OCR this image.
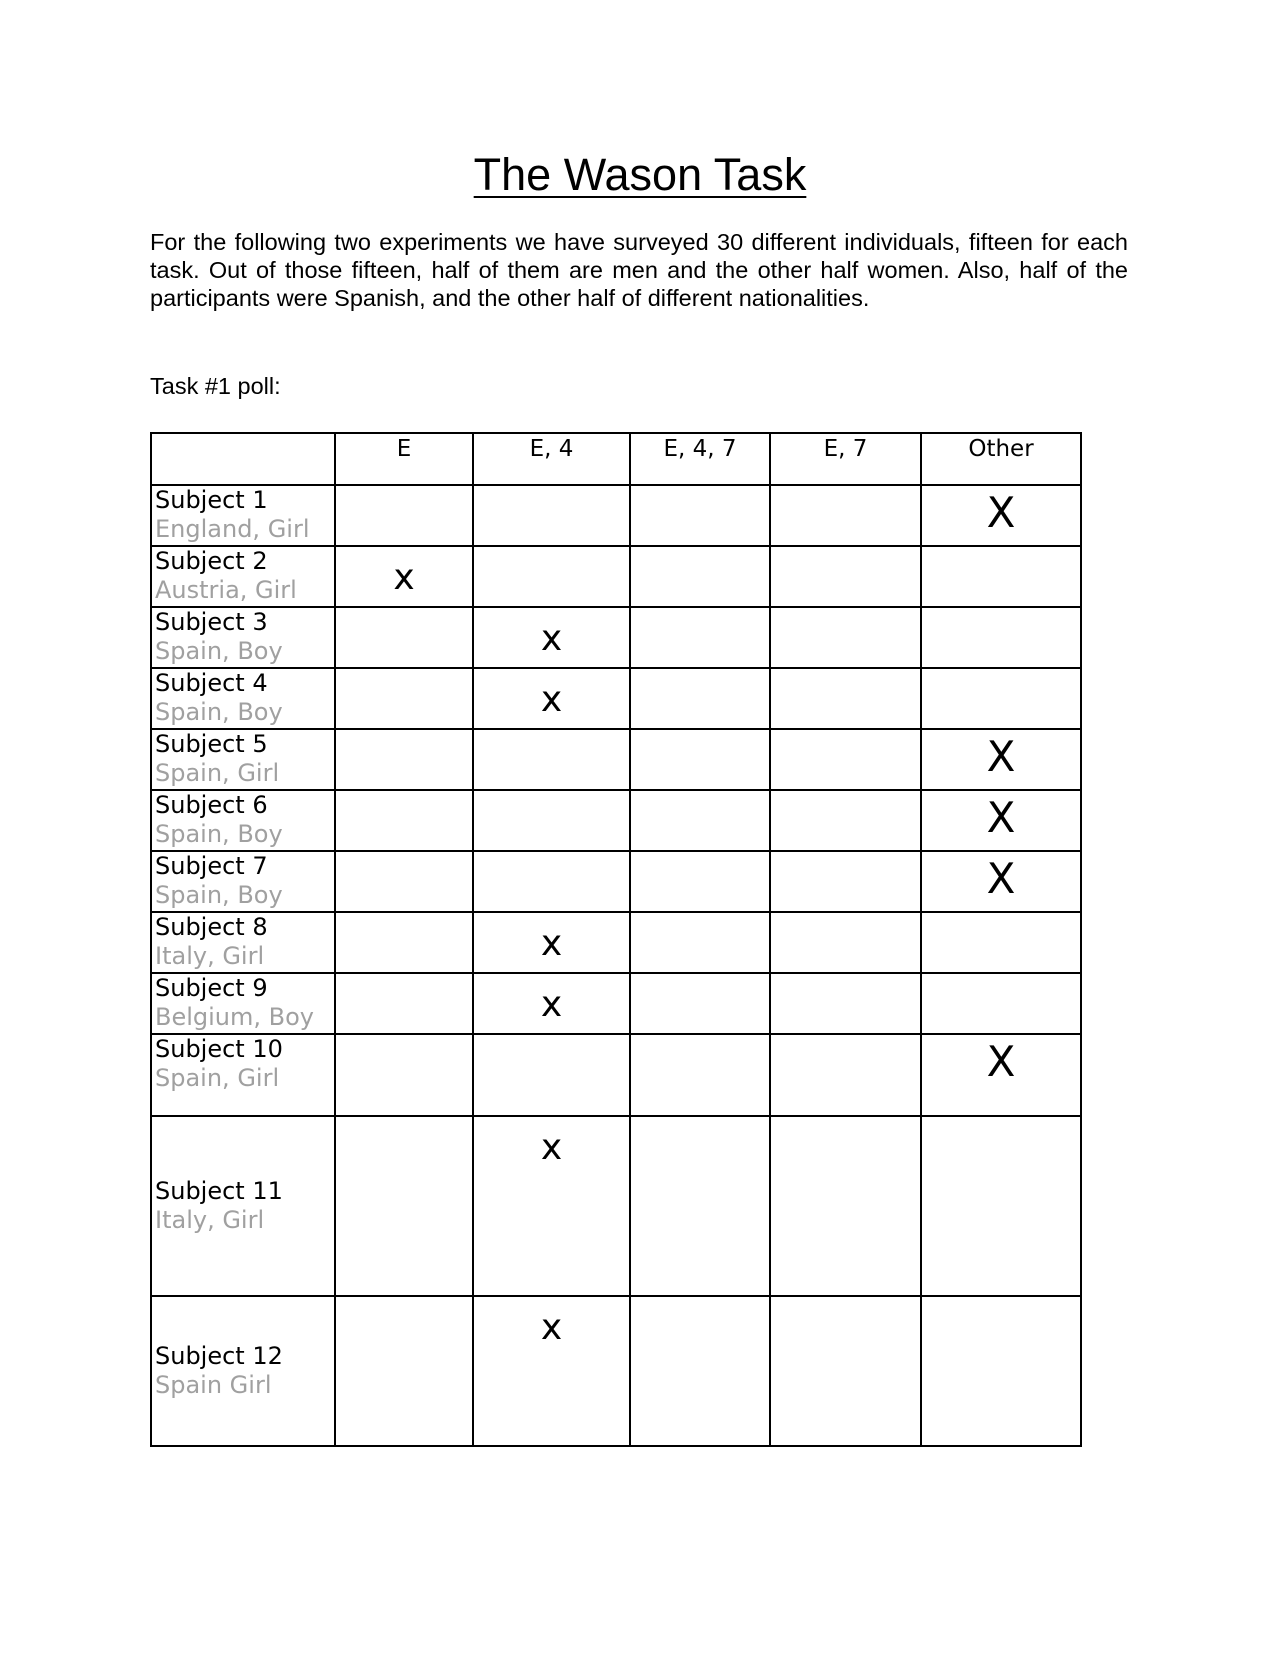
The Wason Task

For the following two experiments we have surveyed 30 different individuals, fifteen for each task. Out of those fifteen, half of them are men and the other half women. Also, half of the participants were Spanish, and the other half of different nationalities.

Task #1 poll:
	E	E, 4	E, 4, 7	E, 7	Other

Subject 1
England, Girl					X

Subject 2
Austria, Girl	x				

Subject 3
Spain, Boy		x			

Subject 4
Spain, Boy		x			

Subject 5
Spain, Girl					X

Subject 6
Spain, Boy					X

Subject 7
Spain, Boy					X

Subject 8
Italy, Girl		x			

Subject 9
Belgium, Boy		x			

Subject 10
Spain, Girl					X

Subject 11
Italy, Girl		x			

Subject 12
Spain Girl		x			
